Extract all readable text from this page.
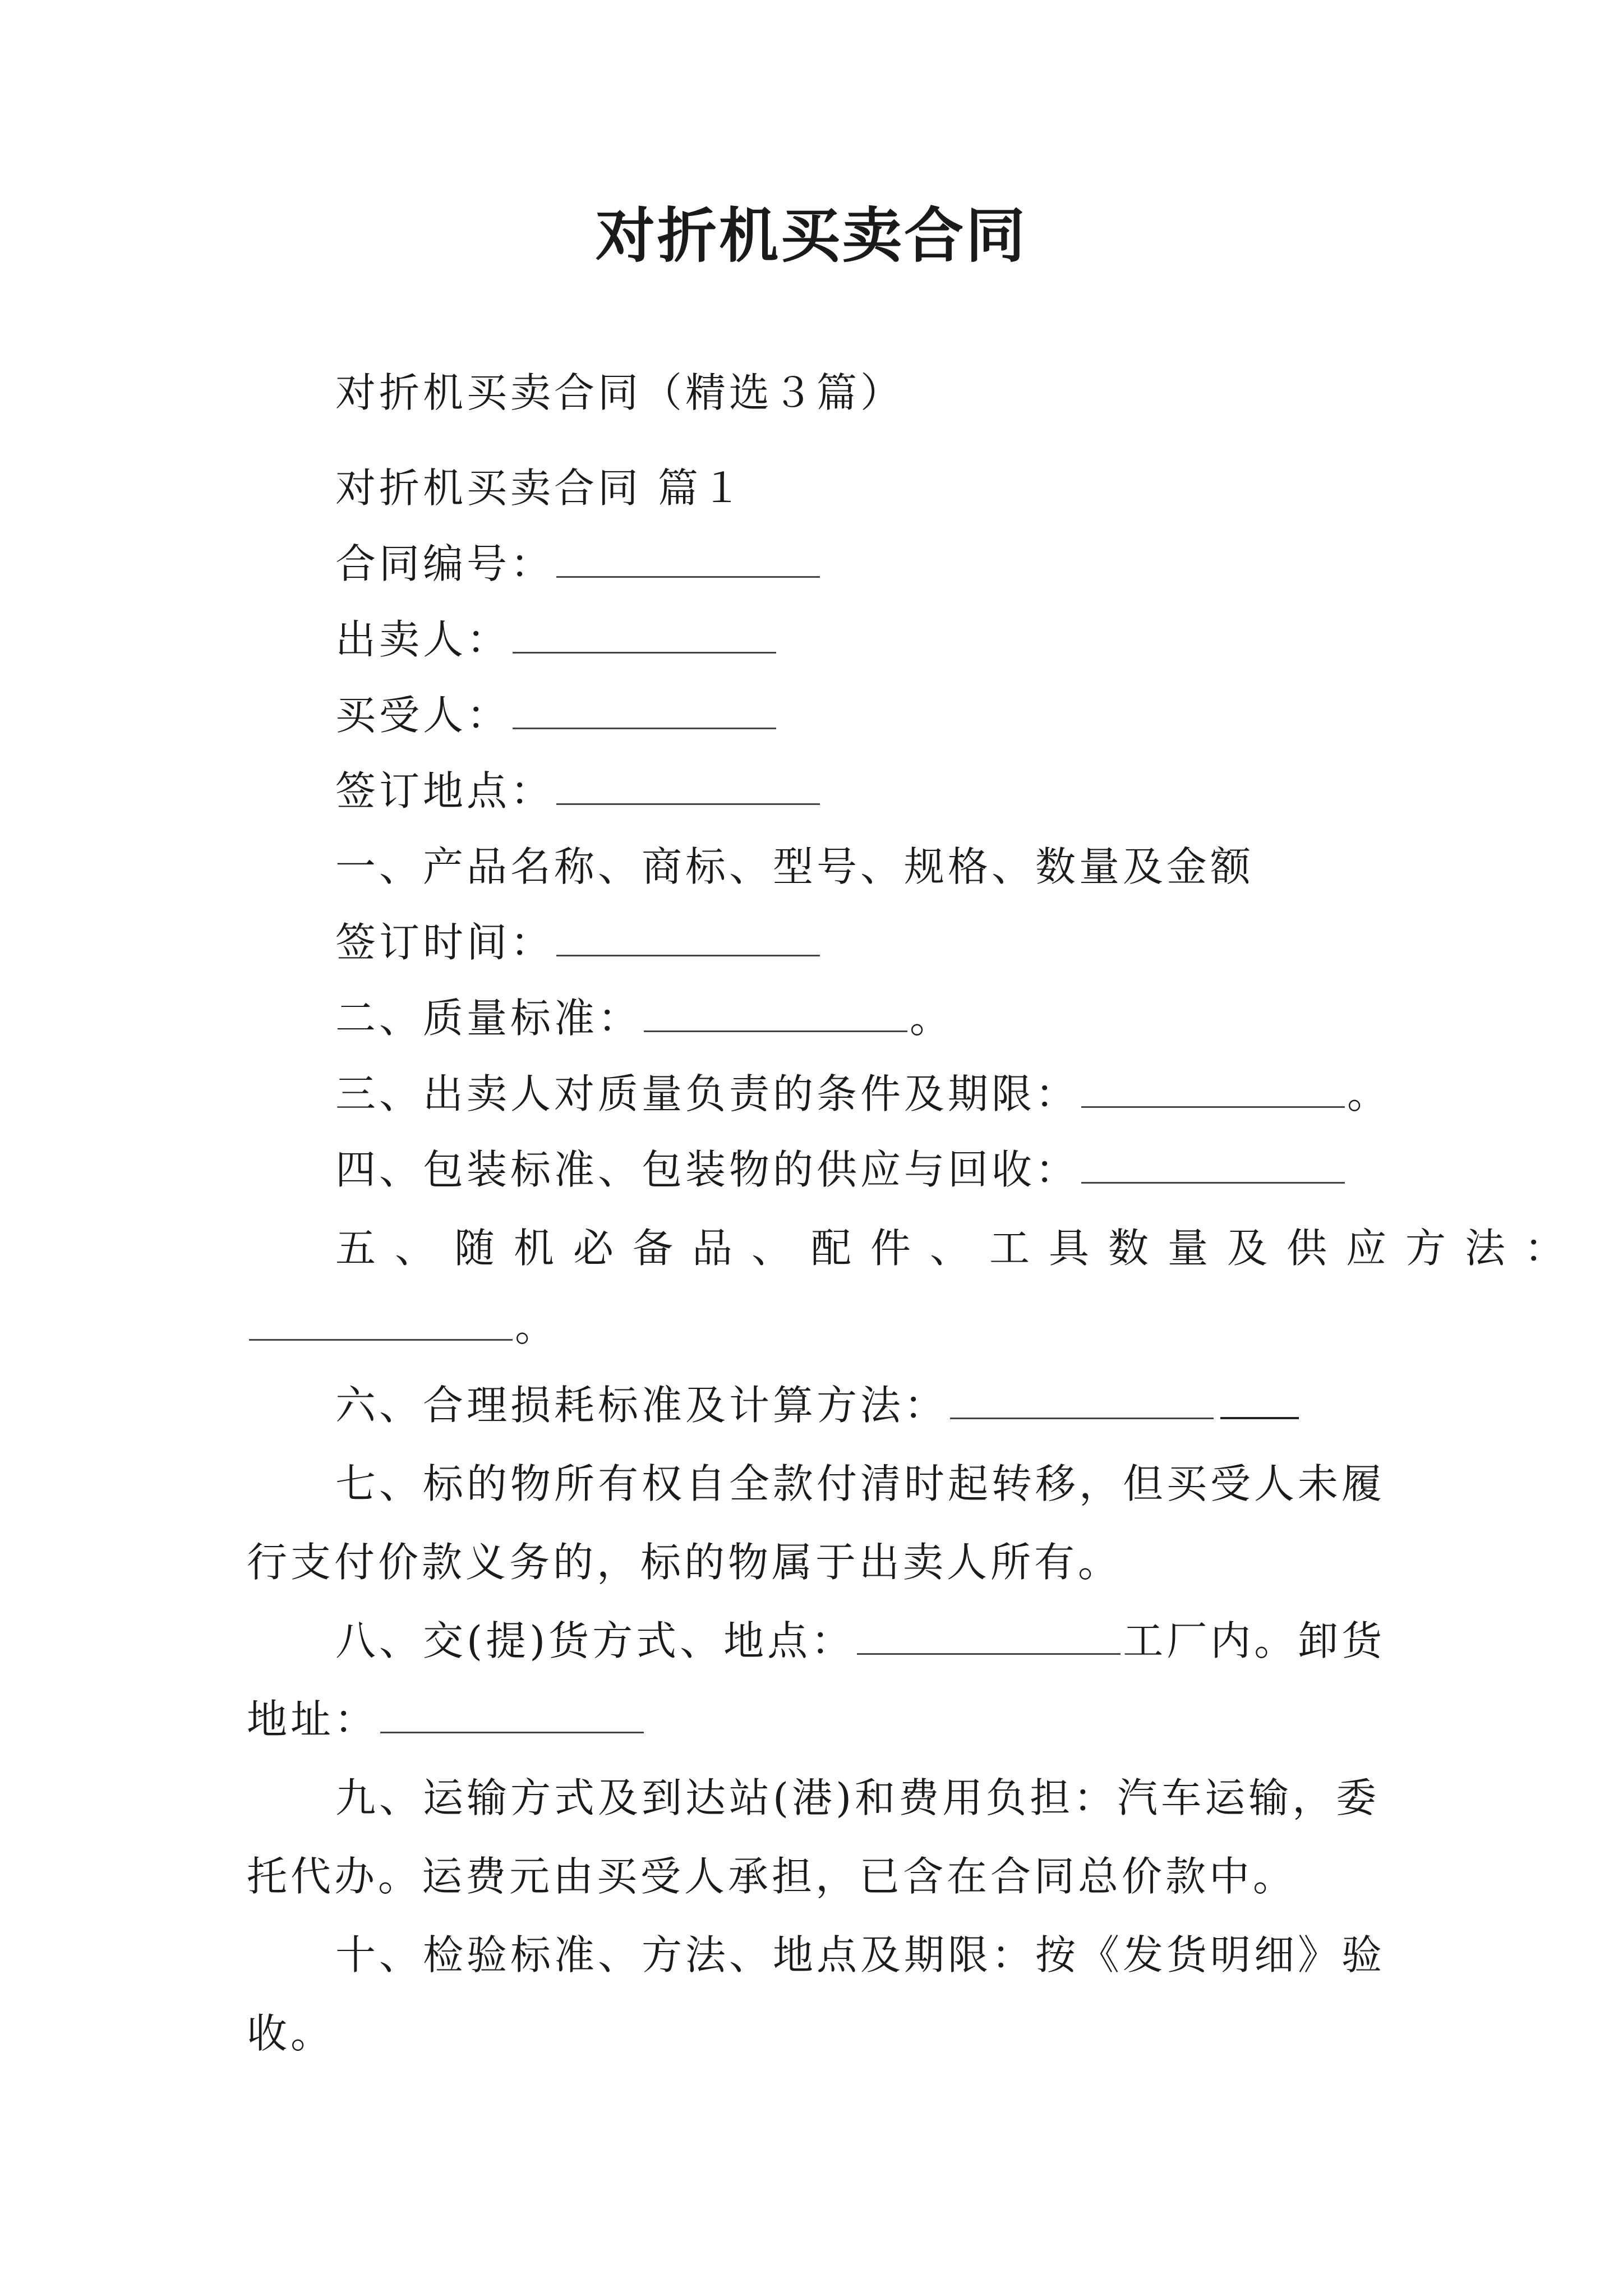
对折机买卖合同
对折机买卖合同（精选３篇）
对折机买卖合同 篇１
合同编号：
出卖人：
买受人：
签订地点：
一、产品名称、商标、型号、规格、数量及金额
签订时间：
二、质量标准：	。
三、出卖人对质量负责的条件及期限：	。
四、包装标准、包装物的供应与回收：
五、随机必备品、配件、工具数量及供应方法：
。
六、合理损耗标准及计算方法：
七、标的物所有权自全款付清时起转移，但买受人未履
行支付价款义务的，标的物属于出卖人所有。
八、交(提)货方式、地点：	工厂内。卸货
地址：
九、运输方式及到达站(港)和费用负担：汽车运输，委
托代办。运费元由买受人承担，已含在合同总价款中。
十、检验标准、方法、地点及期限：按《发货明细》验
收。
